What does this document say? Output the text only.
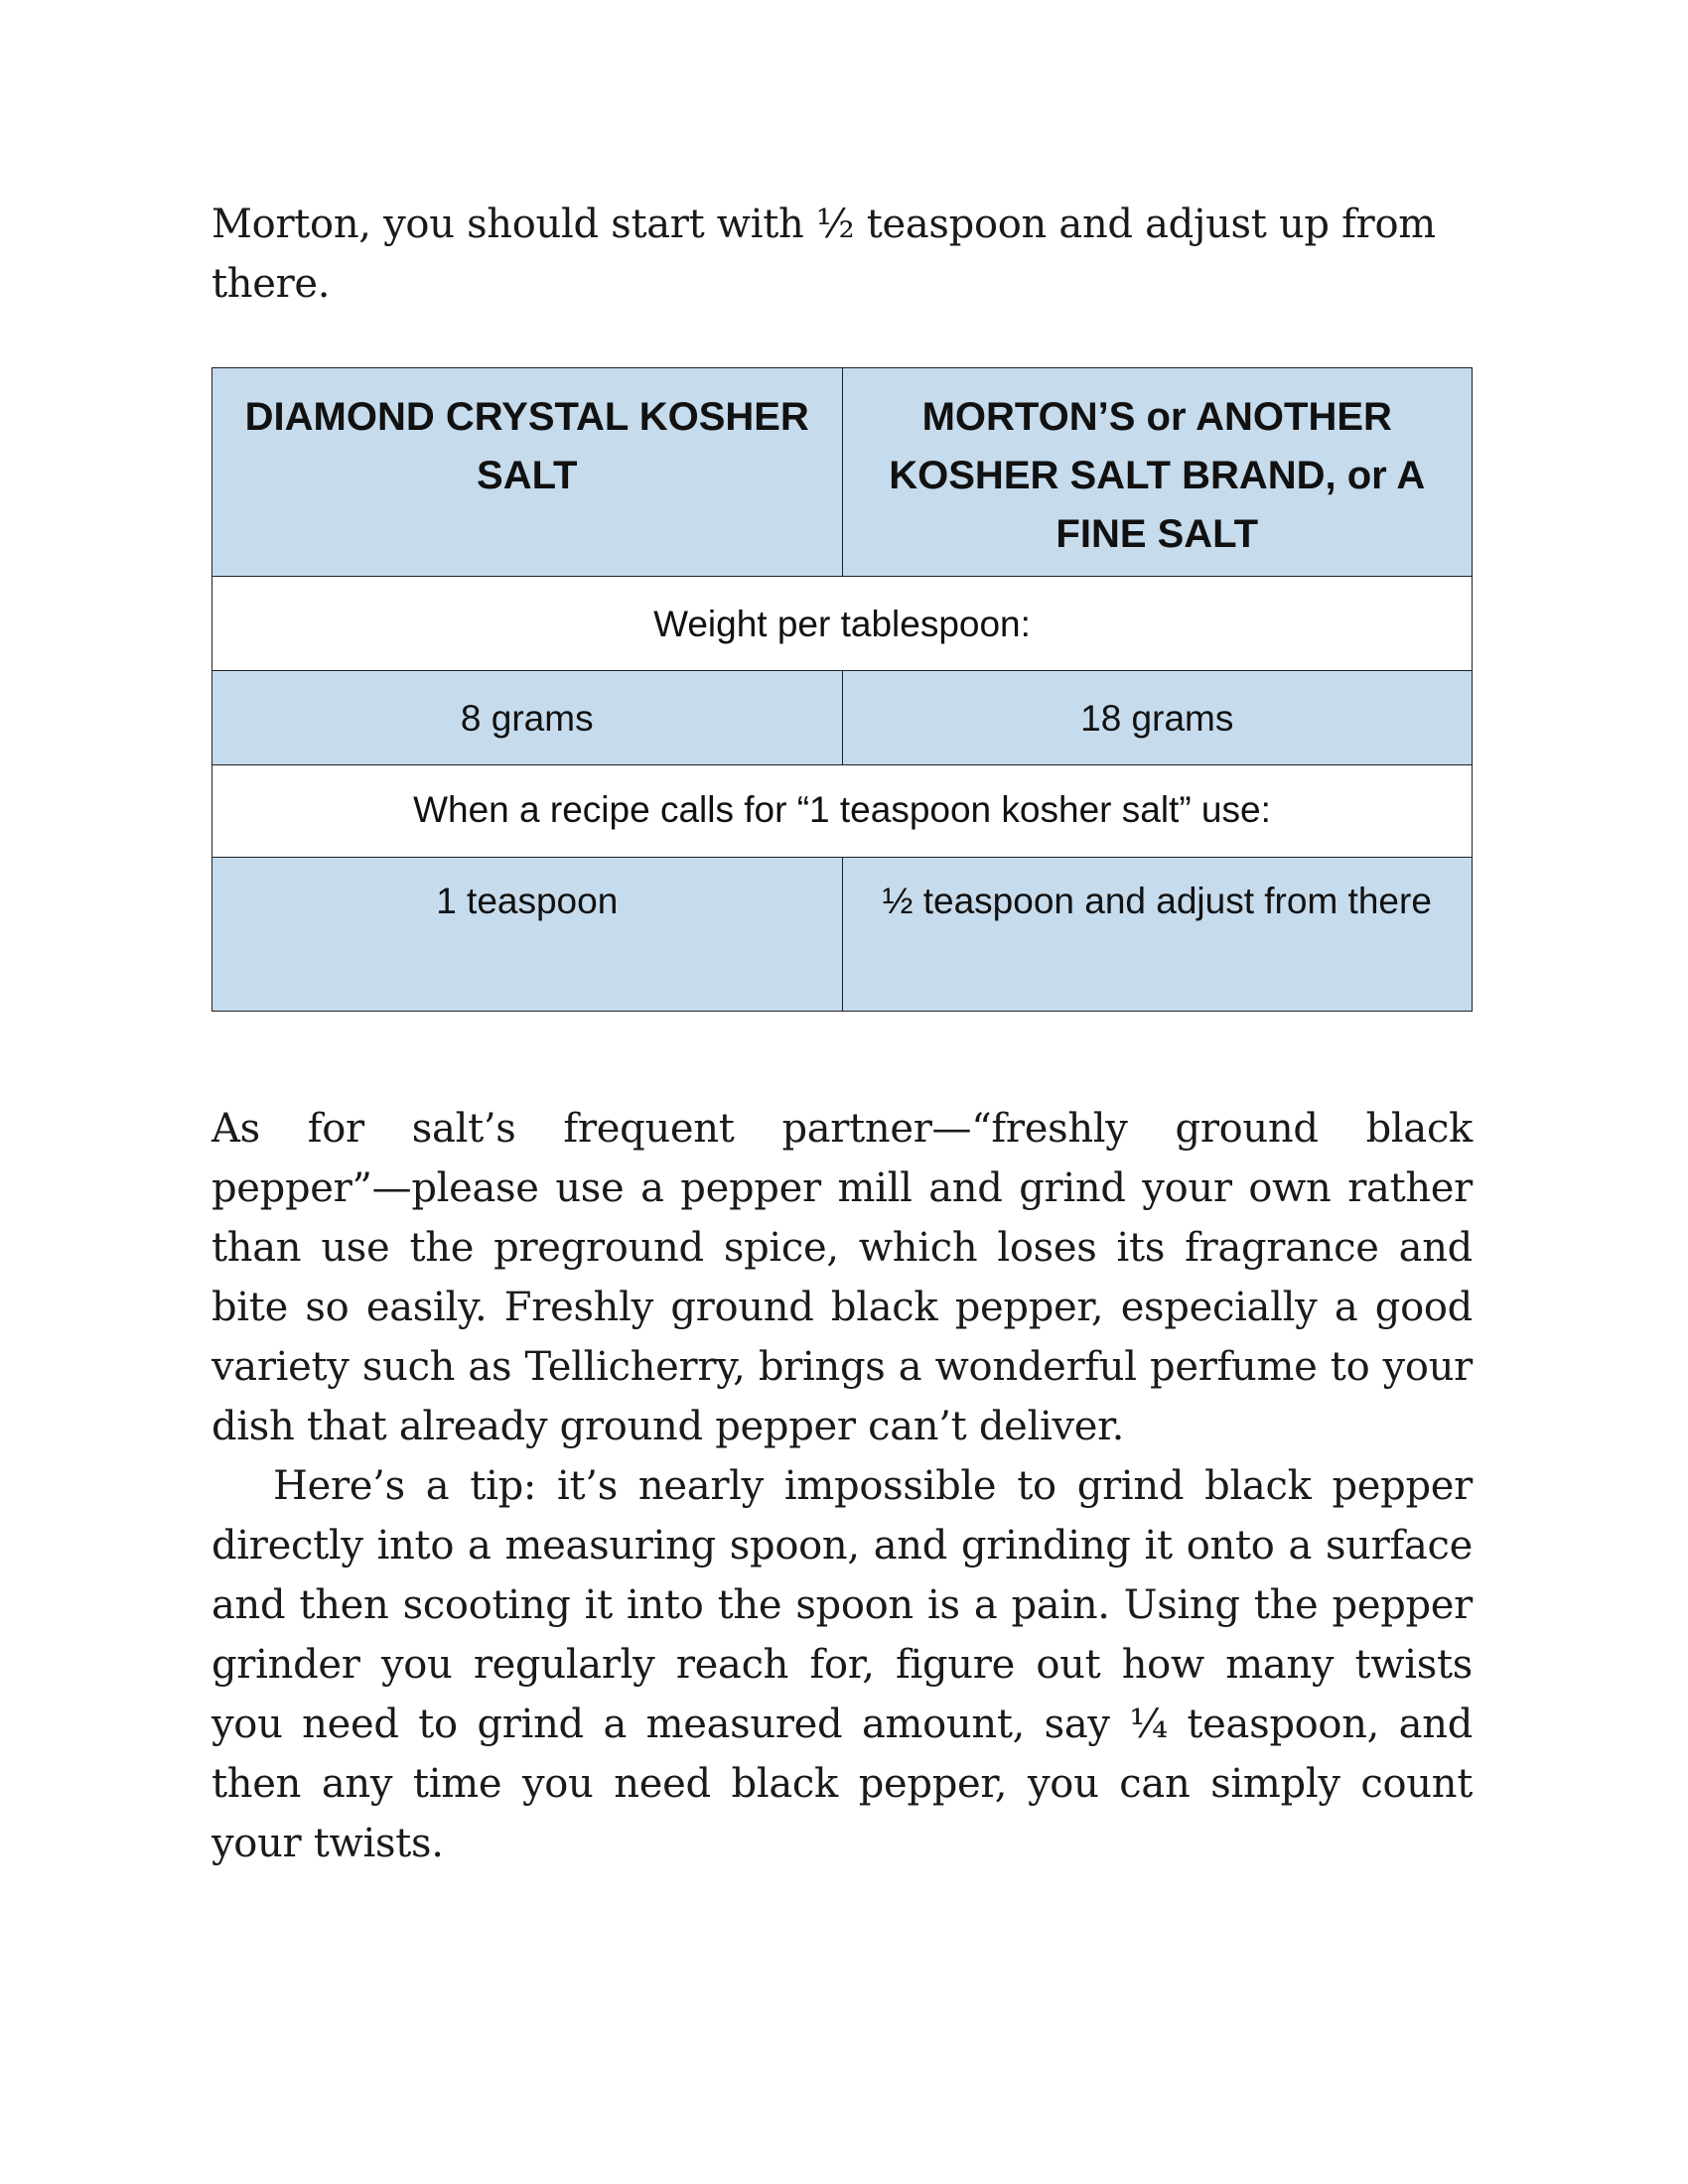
Morton, you should start with ½ teaspoon and adjust up from there.

DIAMOND CRYSTAL KOSHER SALT	MORTON’S or ANOTHER KOSHER SALT BRAND, or A FINE SALT
Weight per tablespoon:	
8 grams	18 grams
When a recipe calls for “1 teaspoon kosher salt” use:	
1 teaspoon	½ teaspoon and adjust from there

As for salt’s frequent partner—“freshly ground black pepper”—please use a pepper mill and grind your own rather than use the preground spice, which loses its fragrance and bite so easily. Freshly ground black pepper, especially a good variety such as Tellicherry, brings a wonderful perfume to your dish that already ground pepper can’t deliver.

Here’s a tip: it’s nearly impossible to grind black pepper directly into a measuring spoon, and grinding it onto a surface and then scooting it into the spoon is a pain. Using the pepper grinder you regularly reach for, figure out how many twists you need to grind a measured amount, say ¼ teaspoon, and then any time you need black pepper, you can simply count your twists.
